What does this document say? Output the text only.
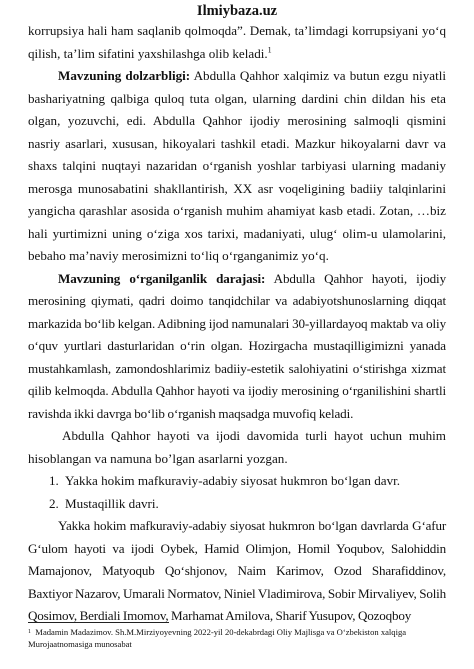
Ilmiybaza.uz

korrupsiya hali ham saqlanib qolmoqda”. Demak, ta’limdagi korrupsiyani yo‘q qilish, ta’lim sifatini yaxshilashga olib keladi.$^1$

Mavzuning dolzarbligi: Abdulla Qahhor xalqimiz va butun ezgu niyatli bashariyatning qalbiga quloq tuta olgan, ularning dardini chin dildan his eta olgan, yozuvchi, edi. Abdulla Qahhor ijodiy merosining salmoqli qismini nasriy asarlari, xususan, hikoyalari tashkil etadi. Mazkur hikoyalarni davr va shaxs talqini nuqtayi nazaridan o‘rganish yoshlar tarbiyasi ularning madaniy merosga munosabatini shakllantirish, XX asr voqeligining badiiy talqinlarini yangicha qarashlar asosida o‘rganish muhim ahamiyat kasb etadi. Zotan, …biz hali yurtimizni uning o‘ziga xos tarixi, madaniyati, ulug‘ olim-u ulamolarini, bebaho ma’naviy merosimizni to‘liq o‘rganganimiz yo‘q.

Mavzuning o‘rganilganlik darajasi: Abdulla Qahhor hayoti, ijodiy merosining qiymati, qadri doimo tanqidchilar va adabiyotshunoslarning diqqat markazida bo‘lib kelgan. Adibning ijod namunalari 30-yillardayoq maktab va oliy o‘quv yurtlari dasturlaridan o‘rin olgan. Hozirgacha mustaqilligimizni yanada mustahkamlash, zamondoshlarimiz badiiy-estetik salohiyatini o‘stirishga xizmat qilib kelmoqda. Abdulla Qahhor hayoti va ijodiy merosining o‘rganilishini shartli ravishda ikki davrga bo‘lib o‘rganish maqsadga muvofiq keladi.

Abdulla Qahhor hayoti va ijodi davomida turli hayot uchun muhim hisoblangan va namuna bo’lgan asarlarni yozgan.

1. Yakka hokim mafkuraviy-adabiy siyosat hukmron bo‘lgan davr.

2. Mustaqillik davri.

Yakka hokim mafkuraviy-adabiy siyosat hukmron bo‘lgan davrlarda G‘afur G‘ulom hayoti va ijodi Oybek, Hamid Olimjon, Homil Yoqubov, Salohiddin Mamajonov, Matyoqub Qo‘shjonov, Naim Karimov, Ozod Sharafiddinov, Baxtiyor Nazarov, Umarali Normatov, Niniel Vladimirova, Sobir Mirvaliyev, Solih Qosimov, Berdiali Imomov, Marhamat Amilova, Sharif Yusupov, Qozoqboy

$^1$ Madamin Madazimov. Sh.M.Mirziyoyevning 2022-yil 20-dekabrdagi Oliy Majlisga va O‘zbekiston xalqiga Murojaatnomasiga munosabat
